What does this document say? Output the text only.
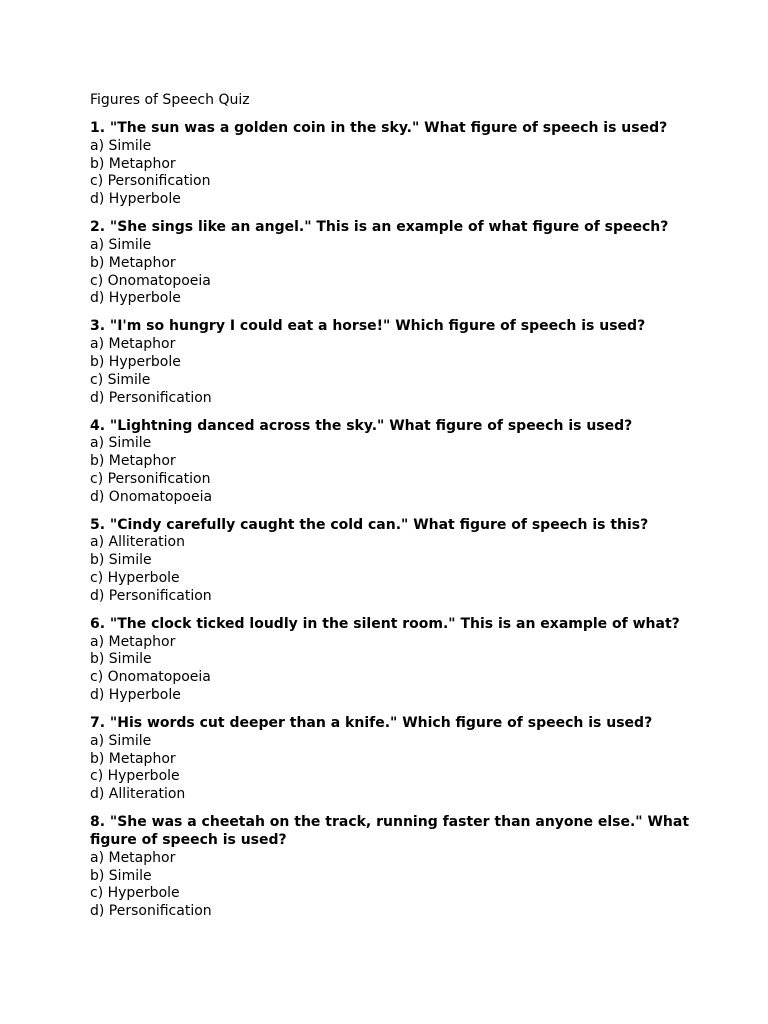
Figures of Speech Quiz
1. "The sun was a golden coin in the sky." What figure of speech is used?
a) Simile
b) Metaphor
c) Personification
d) Hyperbole
2. "She sings like an angel." This is an example of what figure of speech?
a) Simile
b) Metaphor
c) Onomatopoeia
d) Hyperbole
3. "I'm so hungry I could eat a horse!" Which figure of speech is used?
a) Metaphor
b) Hyperbole
c) Simile
d) Personification
4. "Lightning danced across the sky." What figure of speech is used?
a) Simile
b) Metaphor
c) Personification
d) Onomatopoeia
5. "Cindy carefully caught the cold can." What figure of speech is this?
a) Alliteration
b) Simile
c) Hyperbole
d) Personification
6. "The clock ticked loudly in the silent room." This is an example of what?
a) Metaphor
b) Simile
c) Onomatopoeia
d) Hyperbole
7. "His words cut deeper than a knife." Which figure of speech is used?
a) Simile
b) Metaphor
c) Hyperbole
d) Alliteration
8. "She was a cheetah on the track, running faster than anyone else." What figure of speech is used?
a) Metaphor
b) Simile
c) Hyperbole
d) Personification
